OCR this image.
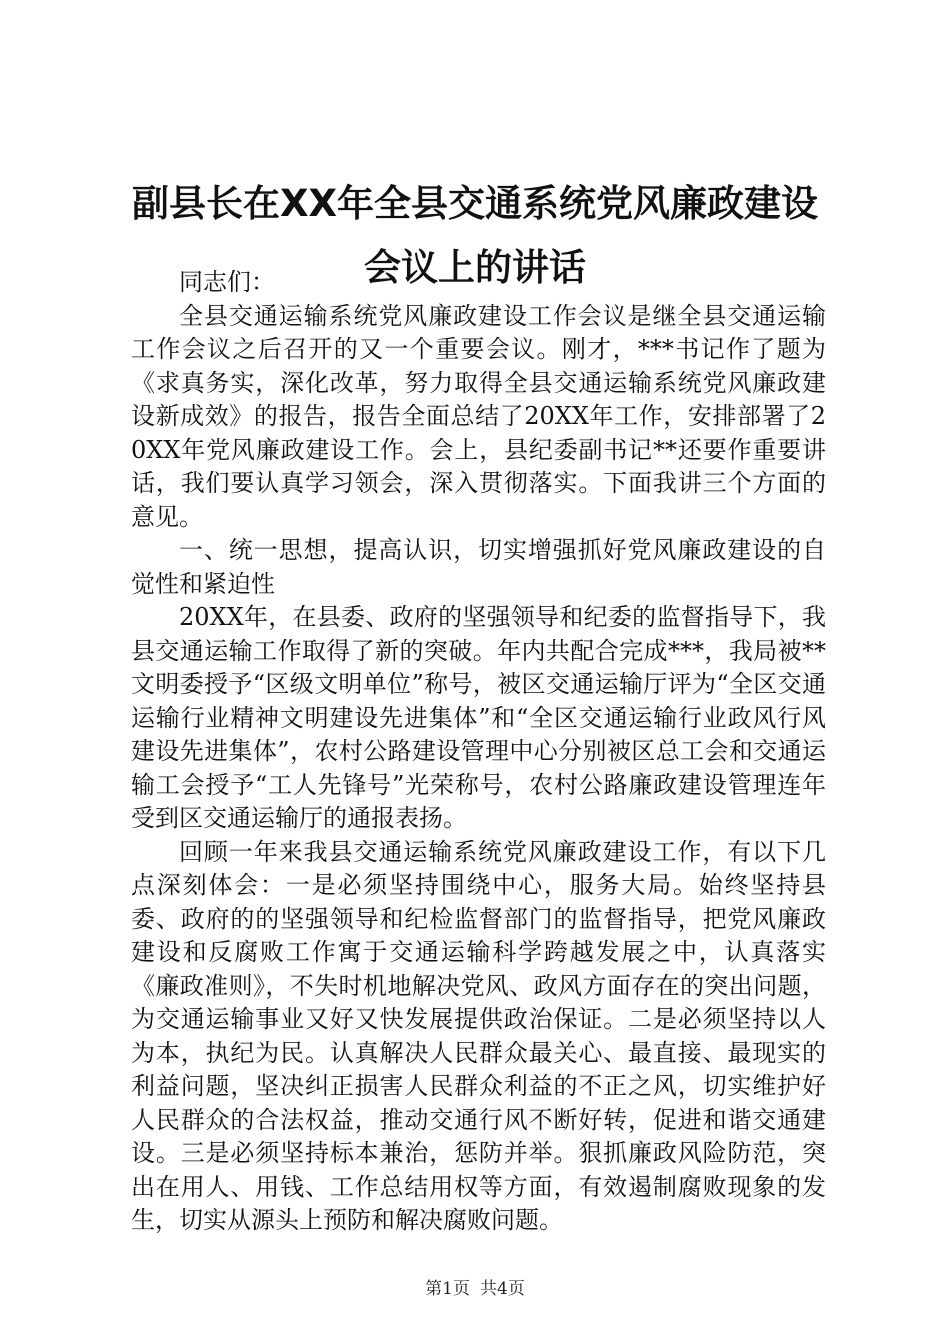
副县长在XX年全县交通系统党风廉政建设会议上的讲话

同志们：

全县交通运输系统党风廉政建设工作会议是继全县交通运输工作会议之后召开的又一个重要会议。刚才，***书记作了题为《求真务实，深化改革，努力取得全县交通运输系统党风廉政建设新成效》的报告，报告全面总结了20XX年工作，安排部署了20XX年党风廉政建设工作。会上，县纪委副书记**还要作重要讲话，我们要认真学习领会，深入贯彻落实。下面我讲三个方面的意见。

一、统一思想，提高认识，切实增强抓好党风廉政建设的自觉性和紧迫性

20XX年，在县委、政府的坚强领导和纪委的监督指导下，我县交通运输工作取得了新的突破。年内共配合完成***，我局被**文明委授予“区级文明单位”称号，被区交通运输厅评为“全区交通运输行业精神文明建设先进集体”和“全区交通运输行业政风行风建设先进集体”，农村公路建设管理中心分别被区总工会和交通运输工会授予“工人先锋号”光荣称号，农村公路廉政建设管理连年受到区交通运输厅的通报表扬。

回顾一年来我县交通运输系统党风廉政建设工作，有以下几点深刻体会：一是必须坚持围绕中心，服务大局。始终坚持县委、政府的的坚强领导和纪检监督部门的监督指导，把党风廉政建设和反腐败工作寓于交通运输科学跨越发展之中，认真落实《廉政准则》，不失时机地解决党风、政风方面存在的突出问题，为交通运输事业又好又快发展提供政治保证。二是必须坚持以人为本，执纪为民。认真解决人民群众最关心、最直接、最现实的利益问题，坚决纠正损害人民群众利益的不正之风，切实维护好人民群众的合法权益，推动交通行风不断好转，促进和谐交通建设。三是必须坚持标本兼治，惩防并举。狠抓廉政风险防范，突出在用人、用钱、工作总结用权等方面，有效遏制腐败现象的发生，切实从源头上预防和解决腐败问题。

第1页 共4页
